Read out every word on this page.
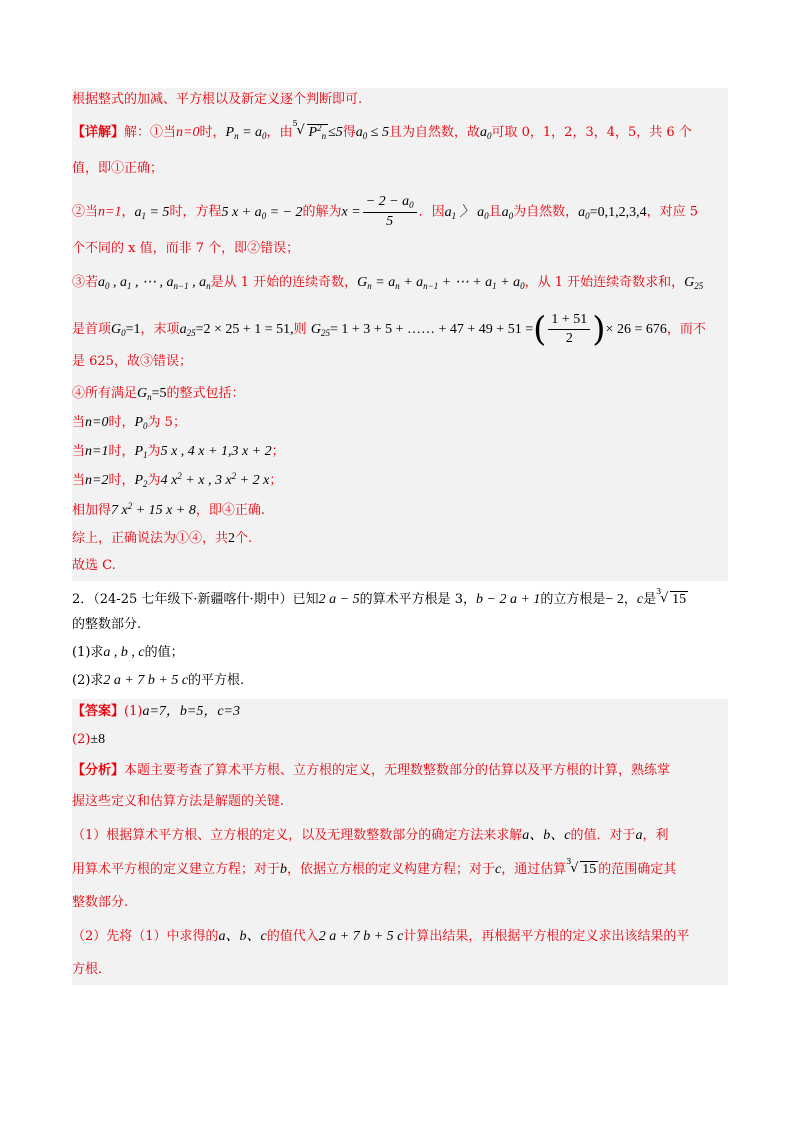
根据整式的加减、平方根以及新定义逐个判断即可.
【详解】解：①当n=0时，$P_n = a_0$，由
5
√ $P^2_n \le 5$得$a_0 \le 5$且为自然数，故$a_0$可取 0，1，2，3，4，5，共 6 个
值，即①正确；
②当n=1，$a_1 = 5$时，方程5 $x + a_0$ = − 2的解为$x = \frac{- 2 - a_0}{5}$ ．因$a_1$ 〉 $a_0$且$a_0$为自然数，$a_0=0,1,2,3,4$，对应 5
个不同的 x 值，而非 7 个，即②错误；
③若$a_0$ , $a_1$ , ⋯ , $a_{n-1}$ , $a_n$是从 1 开始的连续奇数，$G_n = a_n + a_{n-1}$ + ⋯ + $a_1 + a_0$，从 1 开始连续奇数求和，$G_{25}$
是首项$G_0=1$，末项$a_{25}=2 \times 25 + 1 = 51$,则 $G_{25}= 1 + 3 + 5$ + …… + 47 + 49 + 51 =( $\frac{1 + 51}{2}$ )× 26 = 676，而不
是 625，故③错误；
④所有满足$G_n=5$的整式包括：
当n=0时，$P_0$为 5；
当n=1时，$P_1$为5 x , 4 x + 1,3 x + 2；
当n=2时，$P_2$为4 $x^2 + x$ , 3 $x^2 + 2$ x；
相加得7 $x^2 + 15$ x + 8，即④正确.
综上，正确说法为①④，共2个.
故选 C.
2．（24-25 七年级下·新疆喀什·期中）已知2 a − 5的算术平方根是 3，b − 2 a + 1的立方根是− 2，c是
3
√ 15
的整数部分.
(1)求a , b , c的值；
(2)求2 a + 7 b + 5 c的平方根.
【答案】(1)a=7，b=5，c=3
(2)±8
【分析】本题主要考查了算术平方根、立方根的定义，无理数整数部分的估算以及平方根的计算，熟练掌
握这些定义和估算方法是解题的关键.
（1）根据算术平方根、立方根的定义，以及无理数整数部分的确定方法来求解a、b、c的值．对于a，利
用算术平方根的定义建立方程；对于b，依据立方根的定义构建方程；对于c，通过估算
3
√ 15 的范围确定其
整数部分.
（2）先将（1）中求得的a、b、c的值代入2 a + 7 b + 5 c计算出结果，再根据平方根的定义求出该结果的平
方根.
